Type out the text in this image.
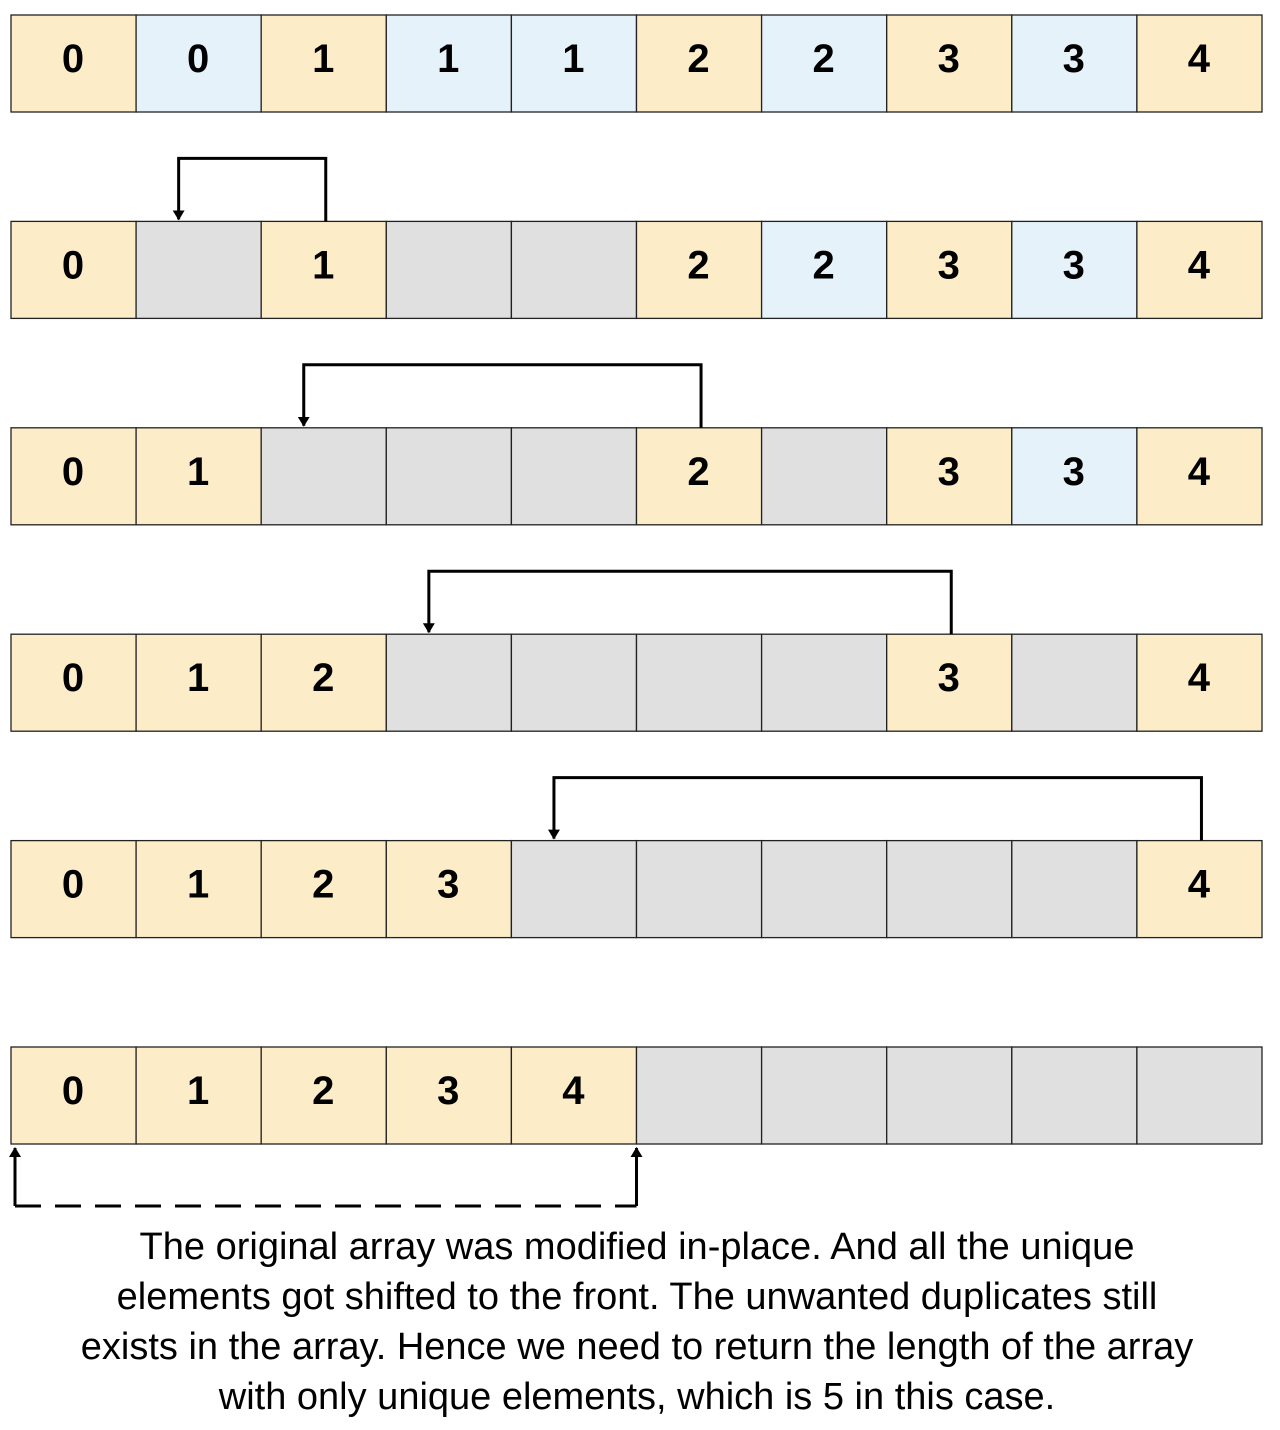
0	0	1	1	1	2	2	3	3	4
0	1	2	2	3	3	4
0	1	2	3	3	4
0	1	2	3	4
0	1	2	3	4
0	1	2	3	4
The original array was modified in-place. And all the unique
elements got shifted to the front. The unwanted duplicates still
exists in the array. Hence we need to return the length of the array
with only unique elements, which is 5 in this case.
